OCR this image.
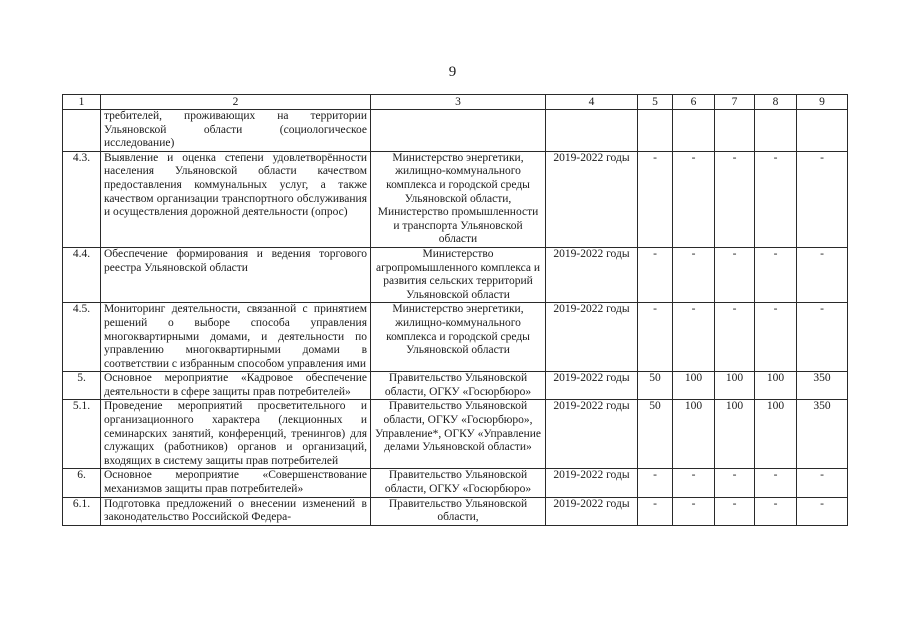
9
1	2	3	4	5	6	7	8	9
	требителей, проживающих на территории Ульяновской области (социологическое исследование)							
4.3.	Выявление и оценка степени удовлетворённости населения Ульяновской области качеством предоставления коммунальных услуг, а также качеством организации транспортного обслуживания и осуществления дорожной деятельности (опрос)	Министерство энергетики, жилищно-коммунального комплекса и городской среды Ульяновской области, Министерство промышленности и транспорта Ульяновской области	2019-2022 годы	-	-	-	-	-
4.4.	Обеспечение формирования и ведения торгового реестра Ульяновской области	Министерство агропромышленного комплекса и развития сельских территорий Ульяновской области	2019-2022 годы	-	-	-	-	-
4.5.	Мониторинг деятельности, связанной с принятием решений о выборе способа управления многоквартирными домами, и деятельности по управлению многоквартирными домами в соответствии с избранным способом управления ими	Министерство энергетики, жилищно-коммунального комплекса и городской среды Ульяновской области	2019-2022 годы	-	-	-	-	-
5.	Основное мероприятие «Кадровое обеспечение деятельности в сфере защиты прав потребителей»	Правительство Ульяновской области, ОГКУ «Госюрбюро»	2019-2022 годы	50	100	100	100	350
5.1.	Проведение мероприятий просветительного и организационного характера (лекционных и семинарских занятий, конференций, тренингов) для служащих (работников) органов и организаций, входящих в систему защиты прав потребителей	Правительство Ульяновской области, ОГКУ «Госюрбюро», Управление*, ОГКУ «Управление делами Ульяновской области»	2019-2022 годы	50	100	100	100	350
6.	Основное мероприятие «Совершенствование механизмов защиты прав потребителей»	Правительство Ульяновской области, ОГКУ «Госюрбюро»	2019-2022 годы	-	-	-	-	-
6.1.	Подготовка предложений о внесении изменений в законодательство Российской Федера-	Правительство Ульяновской области,	2019-2022 годы	-	-	-	-	-
